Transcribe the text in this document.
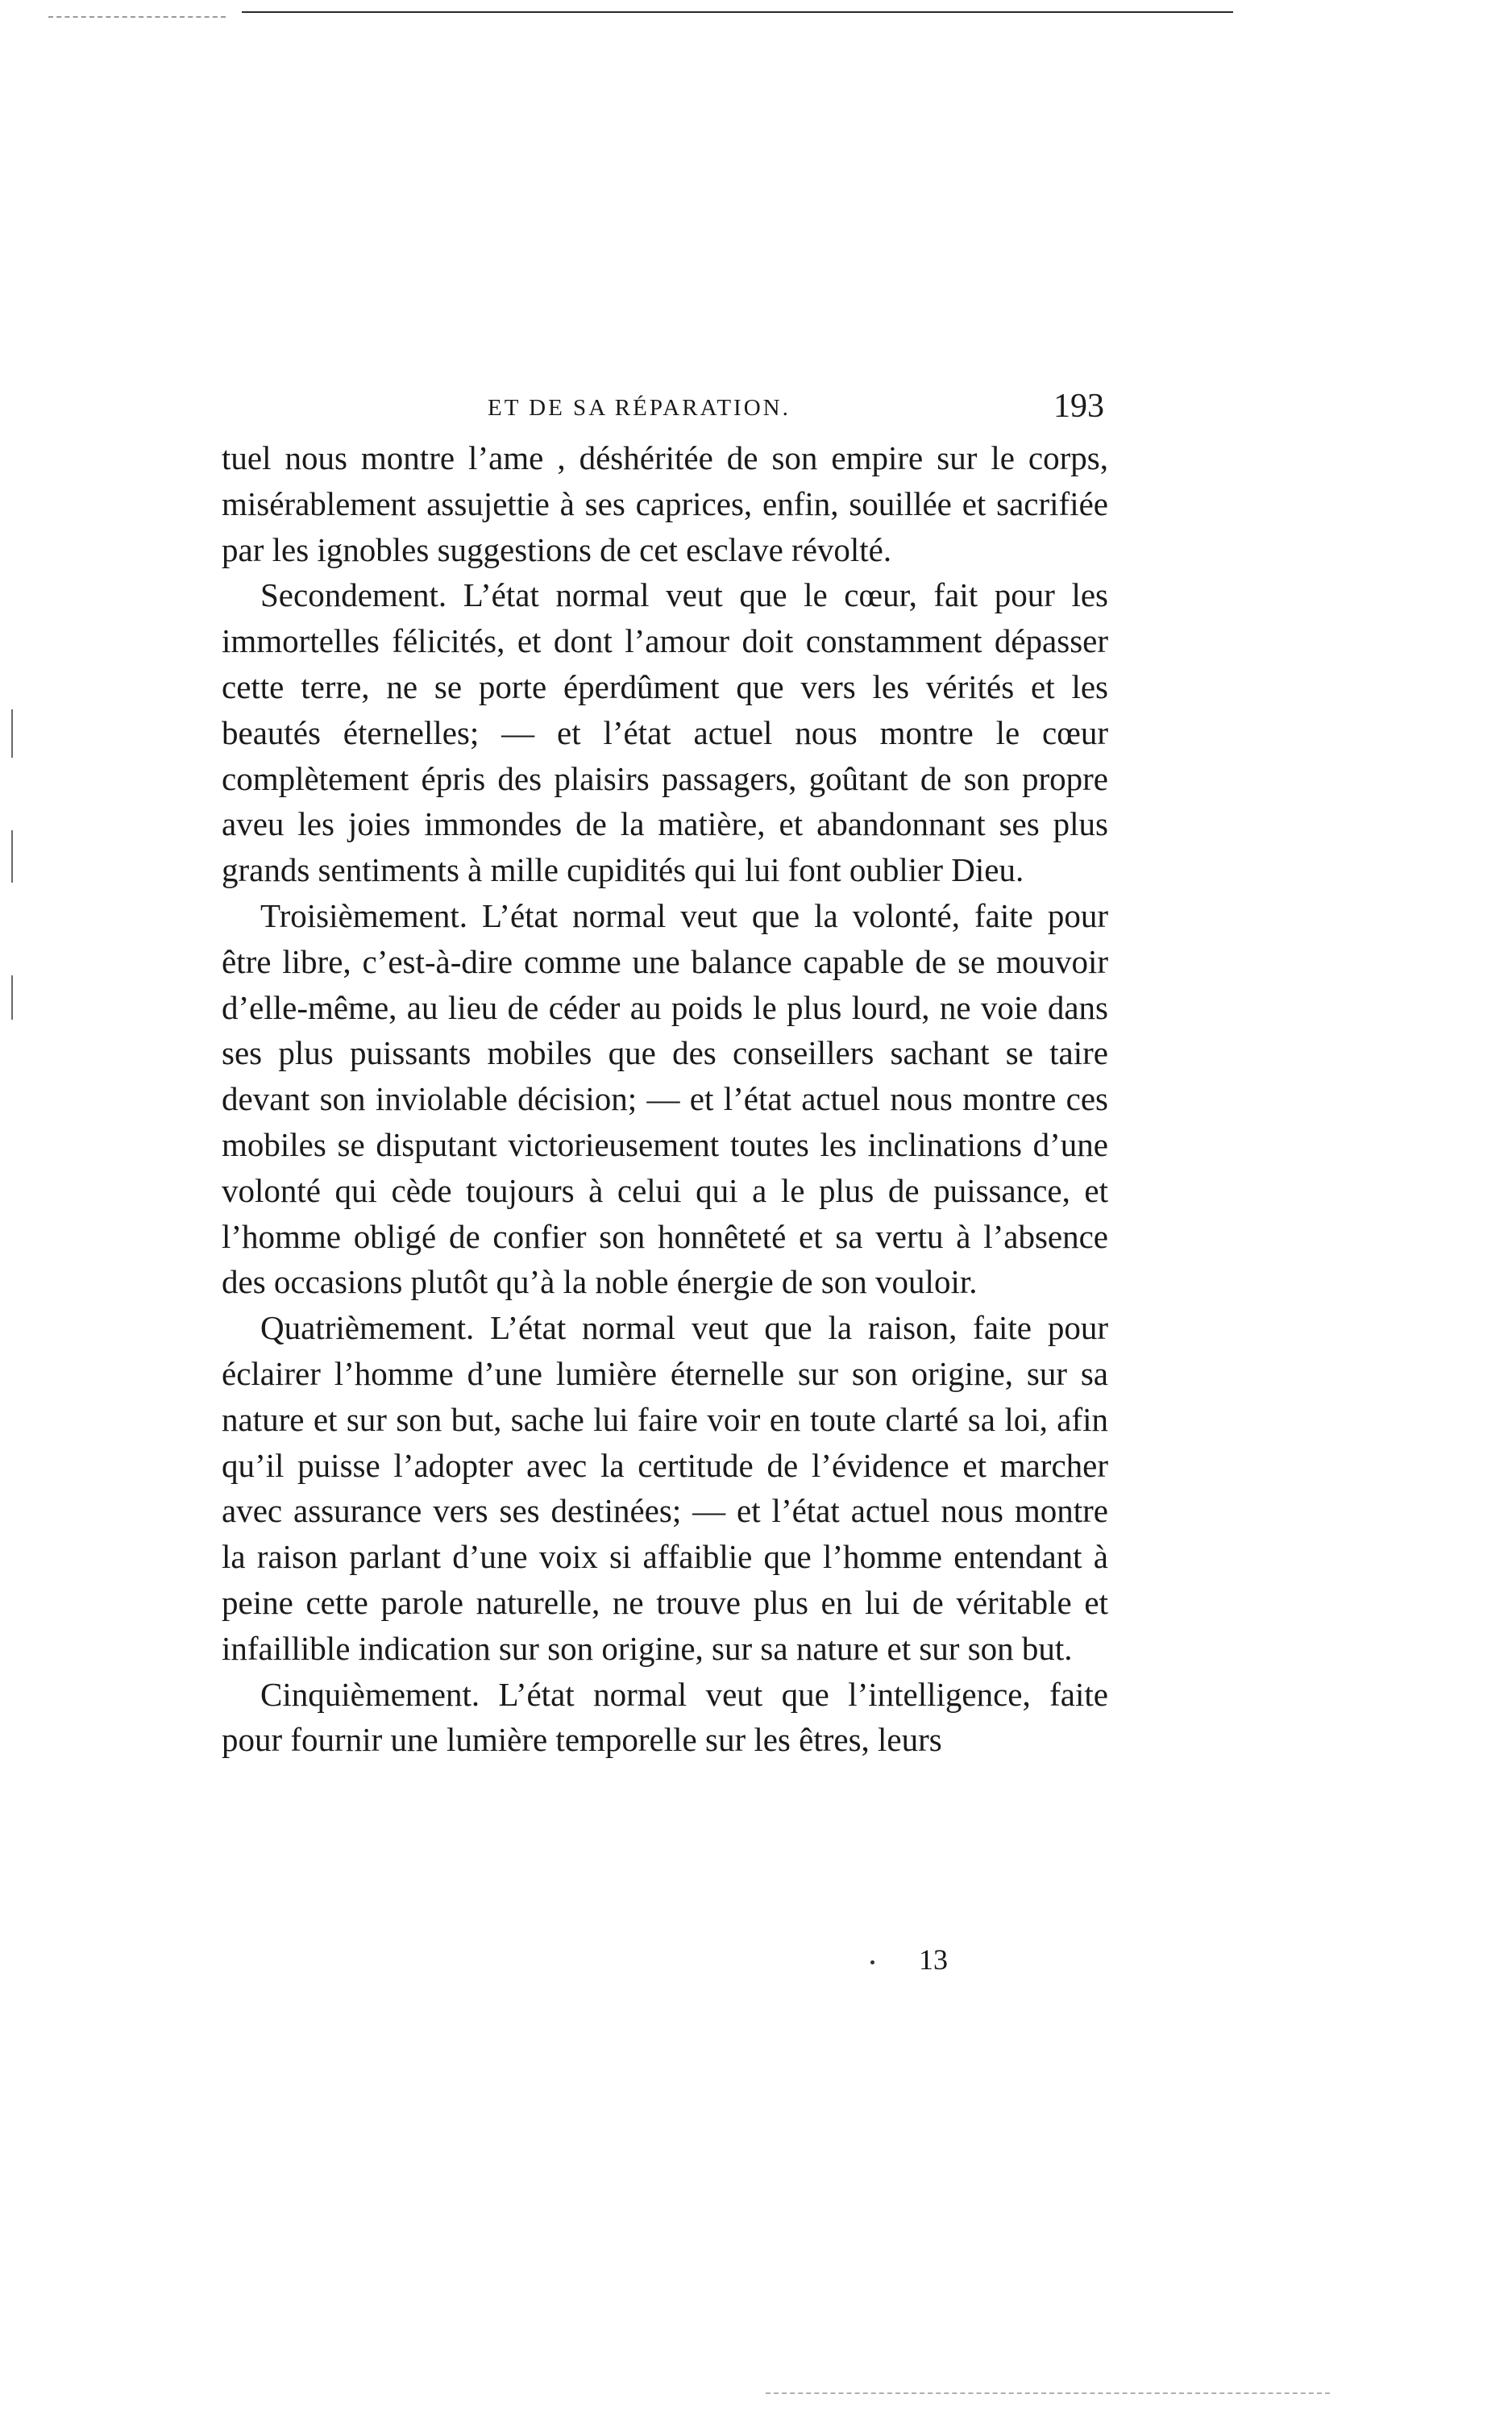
ET DE SA RÉPARATION.	193

tuel nous montre l’ame , déshéritée de son empire sur le corps, misérablement assujettie à ses caprices, enfin, souillée et sacrifiée par les ignobles suggestions de cet esclave révolté.

Secondement. L’état normal veut que le cœur, fait pour les immortelles félicités, et dont l’amour doit constamment dépasser cette terre, ne se porte éperdûment que vers les vérités et les beautés éternelles; — et l’état actuel nous montre le cœur complètement épris des plaisirs passagers, goûtant de son propre aveu les joies immondes de la matière, et abandonnant ses plus grands sentiments à mille cupidités qui lui font oublier Dieu.

Troisièmement. L’état normal veut que la volonté, faite pour être libre, c’est-à-dire comme une balance capable de se mouvoir d’elle-même, au lieu de céder au poids le plus lourd, ne voie dans ses plus puissants mobiles que des conseillers sachant se taire devant son inviolable décision; — et l’état actuel nous montre ces mobiles se disputant victorieusement toutes les inclinations d’une volonté qui cède toujours à celui qui a le plus de puissance, et l’homme obligé de confier son honnêteté et sa vertu à l’absence des occasions plutôt qu’à la noble énergie de son vouloir.

Quatrièmement. L’état normal veut que la raison, faite pour éclairer l’homme d’une lumière éternelle sur son origine, sur sa nature et sur son but, sache lui faire voir en toute clarté sa loi, afin qu’il puisse l’adopter avec la certitude de l’évidence et marcher avec assurance vers ses destinées; — et l’état actuel nous montre la raison parlant d’une voix si affaiblie que l’homme entendant à peine cette parole naturelle, ne trouve plus en lui de véritable et infaillible indication sur son origine, sur sa nature et sur son but.

Cinquièmement. L’état normal veut que l’intelligence, faite pour fournir une lumière temporelle sur les êtres, leurs

13
